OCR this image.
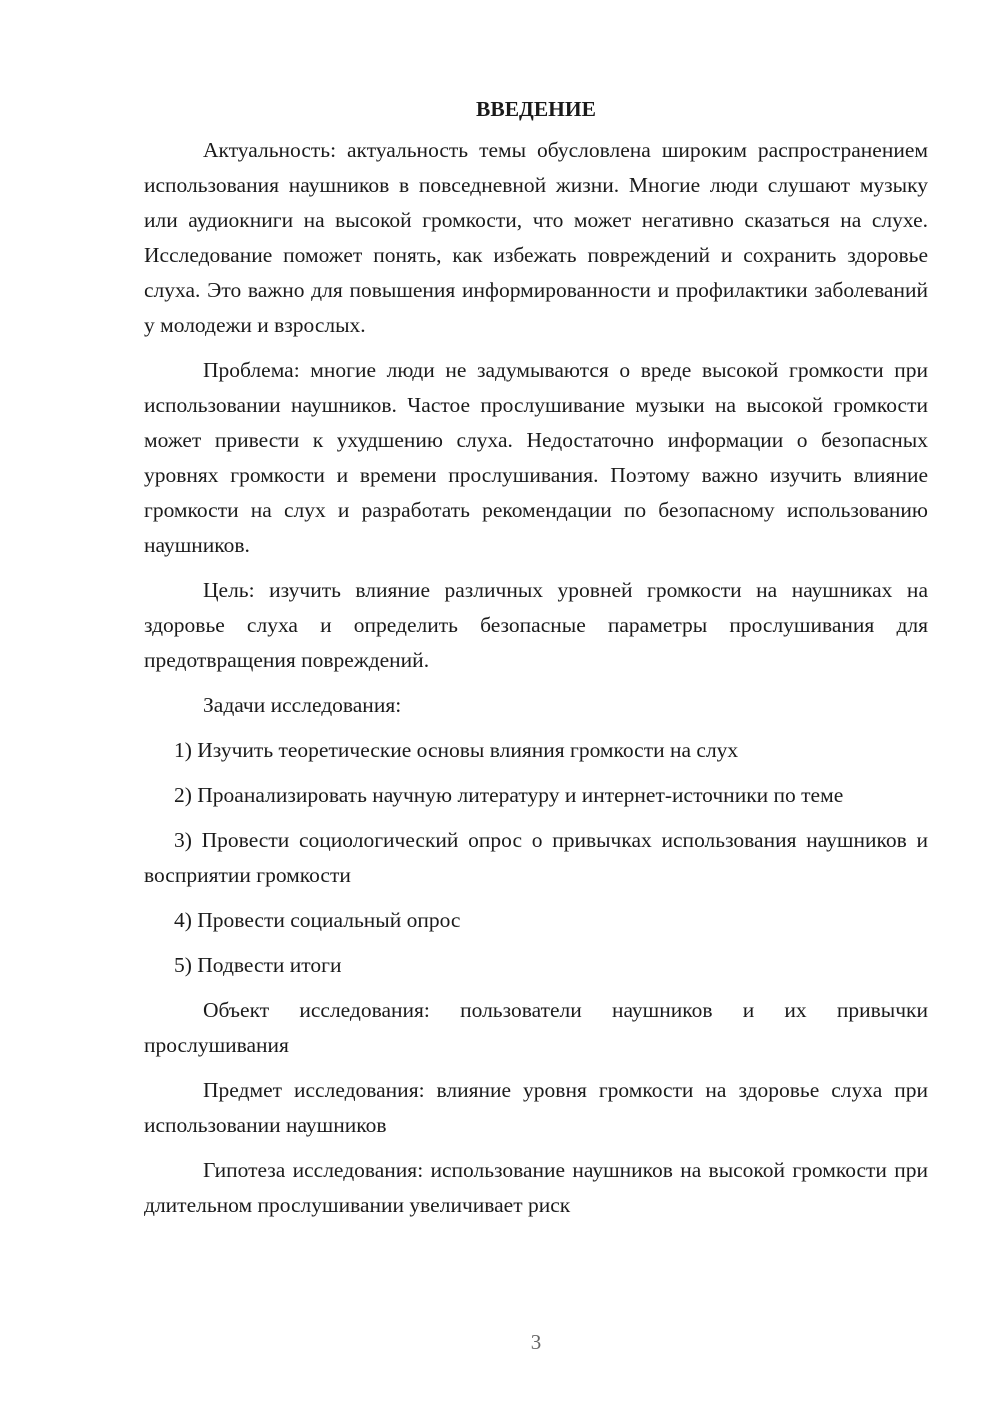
ВВЕДЕНИЕ

Актуальность: актуальность темы обусловлена широким распространением использования наушников в повседневной жизни. Многие люди слушают музыку или аудиокниги на высокой громкости, что может негативно сказаться на слухе. Исследование поможет понять, как избежать повреждений и сохранить здоровье слуха. Это важно для повышения информированности и профилактики заболеваний у молодежи и взрослых.

Проблема: многие люди не задумываются о вреде высокой громкости при использовании наушников. Частое прослушивание музыки на высокой громкости может привести к ухудшению слуха. Недостаточно информации о безопасных уровнях громкости и времени прослушивания. Поэтому важно изучить влияние громкости на слух и разработать рекомендации по безопасному использованию наушников.

Цель: изучить влияние различных уровней громкости на наушниках на здоровье слуха и определить безопасные параметры прослушивания для предотвращения повреждений.

Задачи исследования:

1) Изучить теоретические основы влияния громкости на слух

2) Проанализировать научную литературу и интернет-источники по теме

3) Провести социологический опрос о привычках использования наушников и восприятии громкости

4) Провести социальный опрос

5) Подвести итоги

Объект исследования: пользователи наушников и их привычки прослушивания

Предмет исследования: влияние уровня громкости на здоровье слуха при использовании наушников

Гипотеза исследования: использование наушников на высокой громкости при длительном прослушивании увеличивает риск

3
